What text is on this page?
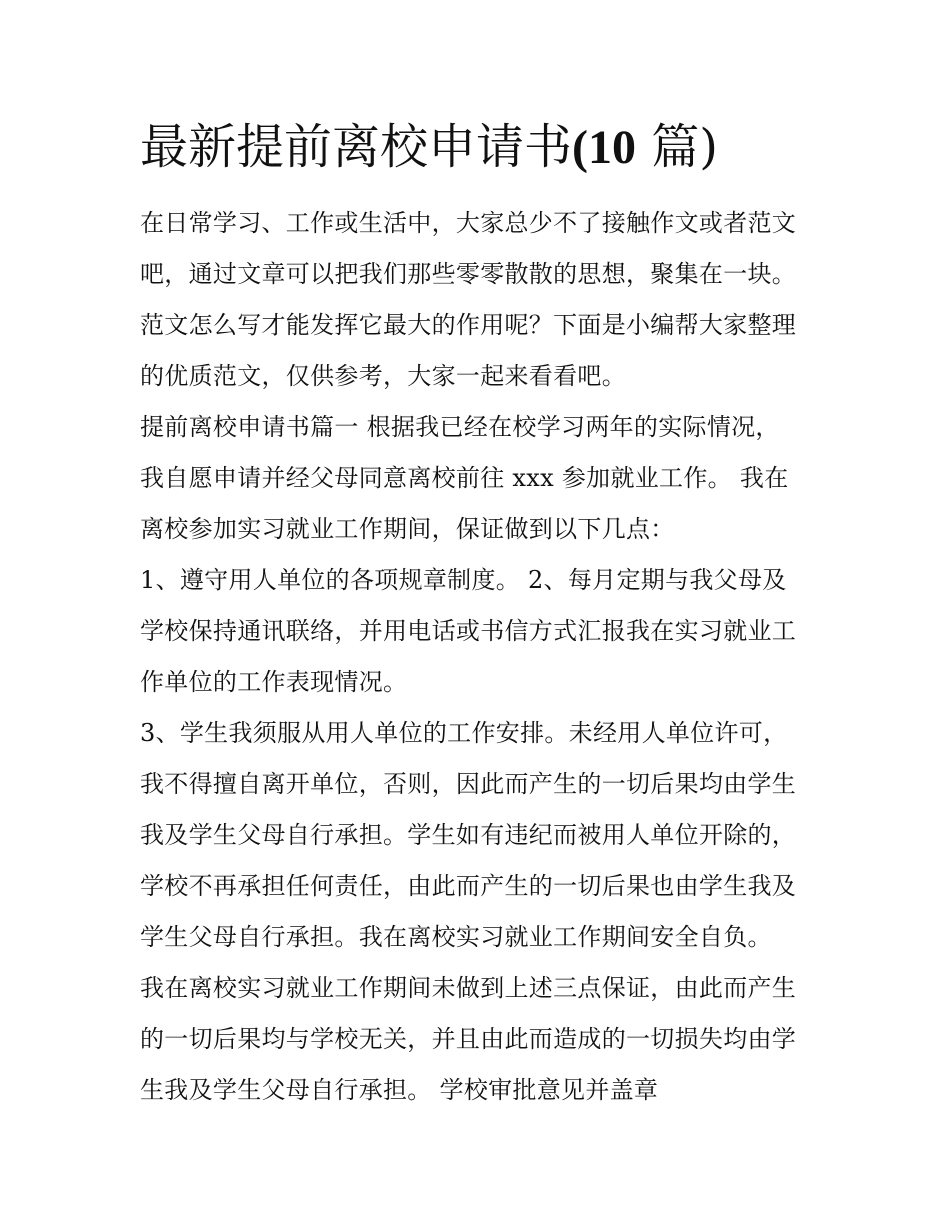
最新提前离校申请书(10 篇)
在日常学习、工作或生活中，大家总少不了接触作文或者范文
吧，通过文章可以把我们那些零零散散的思想，聚集在一块。
范文怎么写才能发挥它最大的作用呢？下面是小编帮大家整理
的优质范文，仅供参考，大家一起来看看吧。
提前离校申请书篇一 根据我已经在校学习两年的实际情况，
我自愿申请并经父母同意离校前往 xxx 参加就业工作。 我在
离校参加实习就业工作期间，保证做到以下几点：
1、遵守用人单位的各项规章制度。 2、每月定期与我父母及
学校保持通讯联络，并用电话或书信方式汇报我在实习就业工
作单位的工作表现情况。
3、学生我须服从用人单位的工作安排。未经用人单位许可，
我不得擅自离开单位，否则，因此而产生的一切后果均由学生
我及学生父母自行承担。学生如有违纪而被用人单位开除的，
学校不再承担任何责任，由此而产生的一切后果也由学生我及
学生父母自行承担。我在离校实习就业工作期间安全自负。
我在离校实习就业工作期间未做到上述三点保证，由此而产生
的一切后果均与学校无关，并且由此而造成的一切损失均由学
生我及学生父母自行承担。 学校审批意见并盖章
